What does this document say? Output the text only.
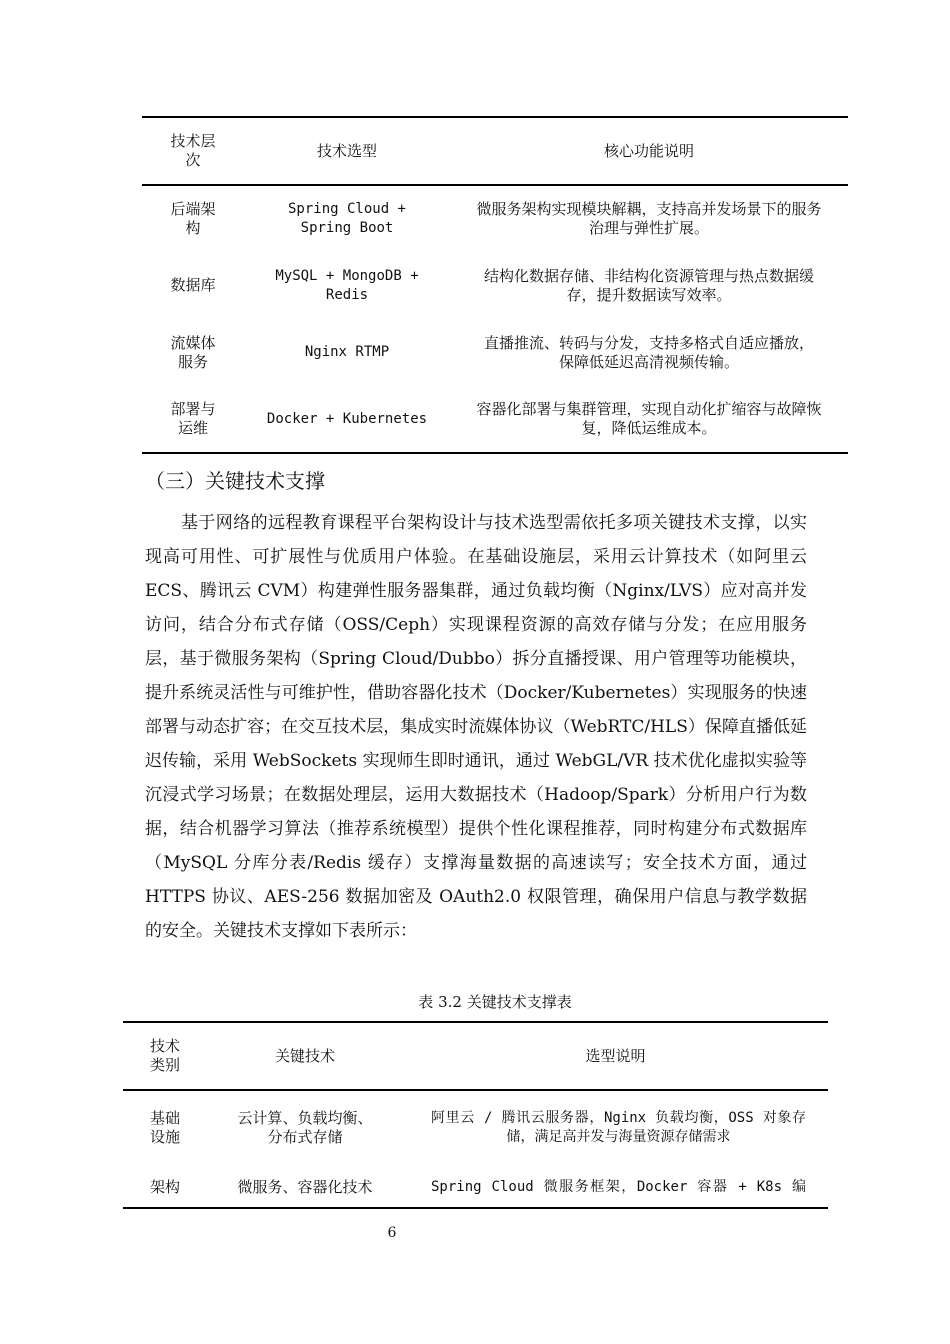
技术层次	技术选型	核心功能说明
后端架构	Spring Cloud + Spring Boot	微服务架构实现模块解耦，支持高并发场景下的服务治理与弹性扩展。
数据库	MySQL + MongoDB + Redis	结构化数据存储、非结构化资源管理与热点数据缓存，提升数据读写效率。
流媒体服务	Nginx RTMP	直播推流、转码与分发，支持多格式自适应播放，保障低延迟高清视频传输。
部署与运维	Docker + Kubernetes	容器化部署与集群管理，实现自动化扩缩容与故障恢复，降低运维成本。
（三）关键技术支撑

基于网络的远程教育课程平台架构设计与技术选型需依托多项关键技术支撑，以实现高可用性、可扩展性与优质用户体验。在基础设施层，采用云计算技术（如阿里云 ECS、腾讯云 CVM）构建弹性服务器集群，通过负载均衡（Nginx/LVS）应对高并发访问，结合分布式存储（OSS/Ceph）实现课程资源的高效存储与分发；在应用服务层，基于微服务架构（Spring Cloud/Dubbo）拆分直播授课、用户管理等功能模块，提升系统灵活性与可维护性，借助容器化技术（Docker/Kubernetes）实现服务的快速部署与动态扩容；在交互技术层，集成实时流媒体协议（WebRTC/HLS）保障直播低延迟传输，采用 WebSockets 实现师生即时通讯，通过 WebGL/VR 技术优化虚拟实验等沉浸式学习场景；在数据处理层，运用大数据技术（Hadoop/Spark）分析用户行为数据，结合机器学习算法（推荐系统模型）提供个性化课程推荐，同时构建分布式数据库（MySQL 分库分表/Redis 缓存）支撑海量数据的高速读写；安全技术方面，通过 HTTPS 协议、AES-256 数据加密及 OAuth2.0 权限管理，确保用户信息与教学数据的安全。关键技术支撑如下表所示：

表 3.2 关键技术支撑表

技术类别	关键技术	选型说明
基础设施	云计算、负载均衡、分布式存储	阿里云 / 腾讯云服务器，Nginx 负载均衡，OSS 对象存储，满足高并发与海量资源存储需求
架构	微服务、容器化技术	Spring Cloud 微服务框架，Docker 容器 + K8s 编
6
